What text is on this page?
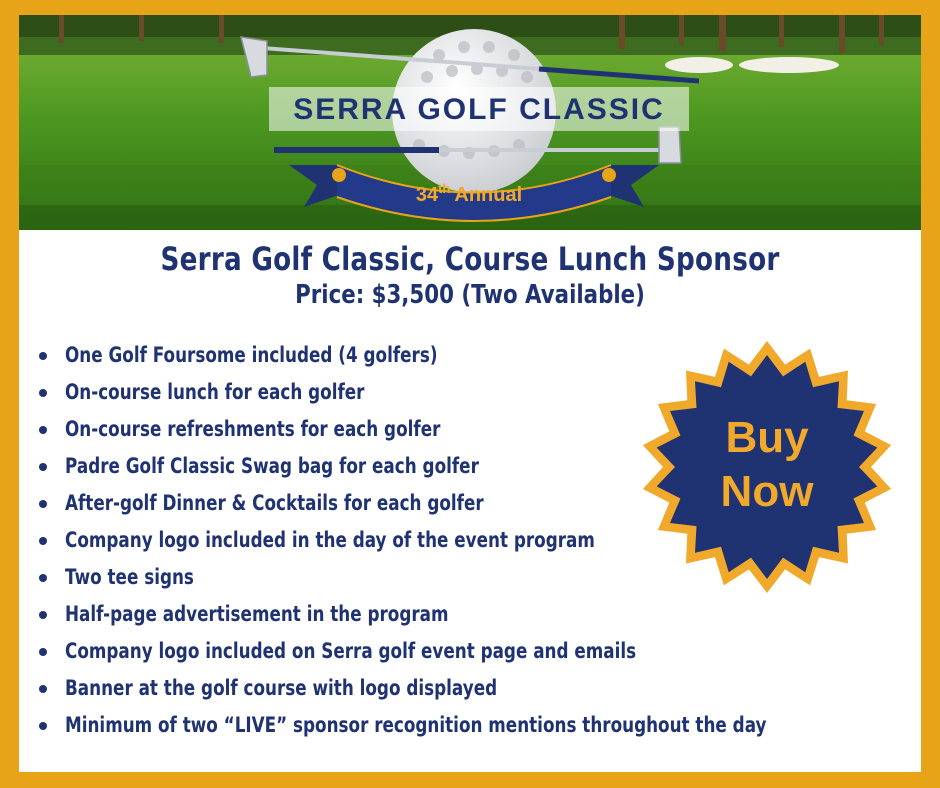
SERRA GOLF CLASSIC
34th Annual
Serra Golf Classic, Course Lunch Sponsor
Price: $3,500 (Two Available)
One Golf Foursome included (4 golfers)
On-course lunch for each golfer
On-course refreshments for each golfer
Padre Golf Classic Swag bag for each golfer
After-golf Dinner & Cocktails for each golfer
Company logo included in the day of the event program
Two tee signs
Half-page advertisement in the program
Company logo included on Serra golf event page and emails
Banner at the golf course with logo displayed
Minimum of two “LIVE” sponsor recognition mentions throughout the day
Buy
Now
